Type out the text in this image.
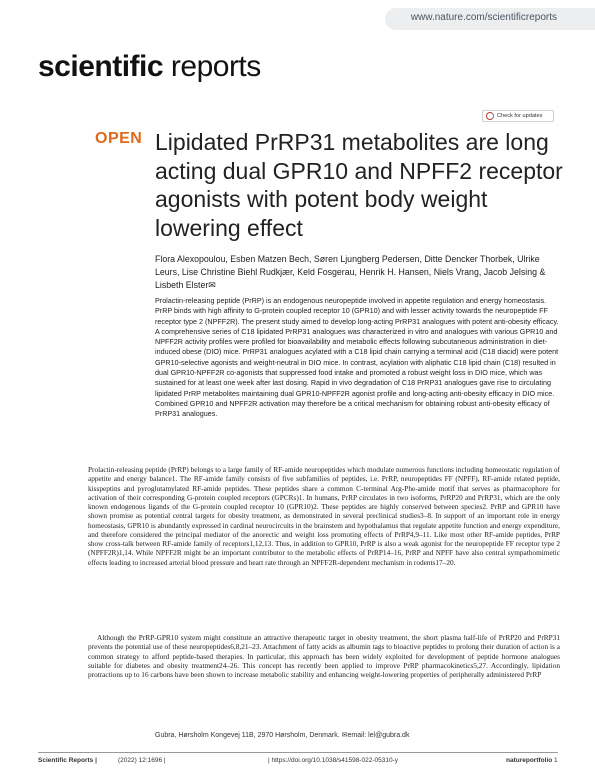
www.nature.com/scientificreports
scientific reports
Check for updates
OPEN Lipidated PrRP31 metabolites are long acting dual GPR10 and NPFF2 receptor agonists with potent body weight lowering effect
Flora Alexopoulou, Esben Matzen Bech, Søren Ljungberg Pedersen, Ditte Dencker Thorbek, Ulrike Leurs, Lise Christine Biehl Rudkjær, Keld Fosgerau, Henrik H. Hansen, Niels Vrang, Jacob Jelsing & Lisbeth Elster✉

Prolactin-releasing peptide (PrRP) is an endogenous neuropeptide involved in appetite regulation and energy homeostasis. PrRP binds with high affinity to G-protein coupled receptor 10 (GPR10) and with lesser activity towards the neuropeptide FF receptor type 2 (NPFF2R). The present study aimed to develop long-acting PrRP31 analogues with potent anti-obesity efficacy. A comprehensive series of C18 lipidated PrRP31 analogues was characterized in vitro and analogues with various GPR10 and NPFF2R activity profiles were profiled for bioavailability and metabolic effects following subcutaneous administration in diet-induced obese (DIO) mice. PrRP31 analogues acylated with a C18 lipid chain carrying a terminal acid (C18 diacid) were potent GPR10-selective agonists and weight-neutral in DIO mice. In contrast, acylation with aliphatic C18 lipid chain (C18) resulted in dual GPR10-NPFF2R co-agonists that suppressed food intake and promoted a robust weight loss in DIO mice, which was sustained for at least one week after last dosing. Rapid in vivo degradation of C18 PrRP31 analogues gave rise to circulating lipidated PrRP metabolites maintaining dual GPR10-NPFF2R agonist profile and long-acting anti-obesity efficacy in DIO mice. Combined GPR10 and NPFF2R activation may therefore be a critical mechanism for obtaining robust anti-obesity efficacy of PrRP31 analogues.

Prolactin-releasing peptide (PrRP) belongs to a large family of RF-amide neuropeptides which modulate numerous functions including homeostatic regulation of appetite and energy balance1. The RF-amide family consists of five subfamilies of peptides, i.e. PrRP, neuropeptides FF (NPFF), RF-amide related peptide, kisspeptins and pyroglutamylated RF-amide peptides. These peptides share a common C-terminal Arg-Phe-amide motif that serves as pharmacophore for activation of their corresponding G-protein coupled receptors (GPCRs)1. In humans, PrRP circulates in two isoforms, PrRP20 and PrRP31, which are the only known endogenous ligands of the G-protein coupled receptor 10 (GPR10)2. These peptides are highly conserved between species2. PrRP and GPR10 have shown promise as potential central targets for obesity treatment, as demonstrated in several preclinical studies3–8. In support of an important role in energy homeostasis, GPR10 is abundantly expressed in cardinal neurocircuits in the brainstem and hypothalamus that regulate appetite function and energy expenditure, and therefore considered the principal mediator of the anorectic and weight loss promoting effects of PrRP4,9–11. Like most other RF-amide peptides, PrRP show cross-talk between RF-amide family of receptors1,12,13. Thus, in addition to GPR10, PrRP is also a weak agonist for the neuropeptide FF receptor type 2 (NPFF2R)1,14. While NPFF2R might be an important contributor to the metabolic effects of PrRP14–16, PrRP and NPFF have also central sympathomimetic effects leading to increased arterial blood pressure and heart rate through an NPFF2R-dependent mechanism in rodents17–20.

Although the PrRP-GPR10 system might constitute an attractive therapeutic target in obesity treatment, the short plasma half-life of PrRP20 and PrRP31 prevents the potential use of these neuropeptides6,8,21–23. Attachment of fatty acids as albumin tags to bioactive peptides to prolong their duration of action is a common strategy to afford peptide-based therapies. In particular, this approach has been widely exploited for development of peptide hormone analogues suitable for diabetes and obesity treatment24–26. This concept has recently been applied to improve PrRP pharmacokinetics5,27. Accordingly, lipidation protractions up to 16 carbons have been shown to increase metabolic stability and enhancing weight-lowering properties of peripherally administered PrRP

Gubra, Hørsholm Kongevej 11B, 2970 Hørsholm, Denmark. ✉email: lel@gubra.dk
Scientific Reports |	(2022) 12:1696 |	| https://doi.org/10.1038/s41598-022-05310-y	natureportfolio 1
